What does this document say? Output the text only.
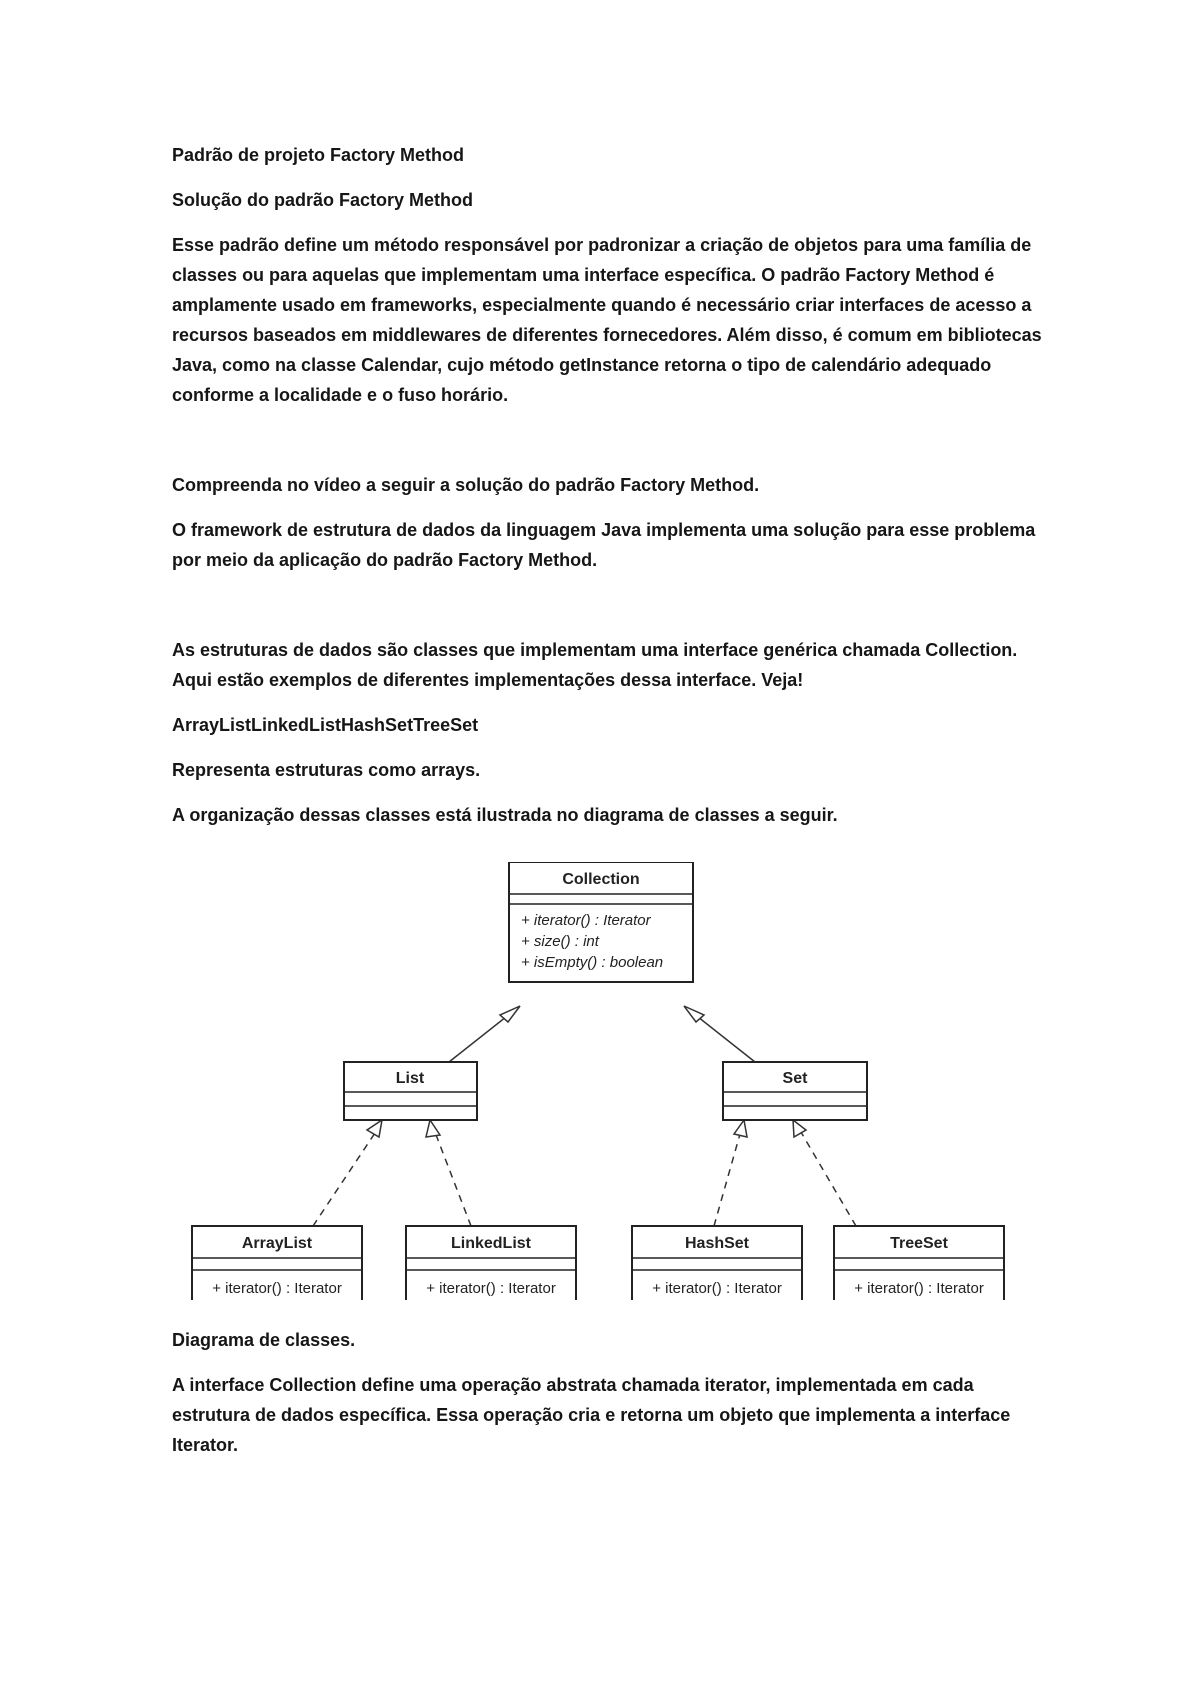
Padrão de projeto Factory Method

Solução do padrão Factory Method

Esse padrão define um método responsável por padronizar a criação de objetos para uma família de classes ou para aquelas que implementam uma interface específica. O padrão Factory Method é amplamente usado em frameworks, especialmente quando é necessário criar interfaces de acesso a recursos baseados em middlewares de diferentes fornecedores. Além disso, é comum em bibliotecas Java, como na classe Calendar, cujo método getInstance retorna o tipo de calendário adequado conforme a localidade e o fuso horário.

Compreenda no vídeo a seguir a solução do padrão Factory Method.

O framework de estrutura de dados da linguagem Java implementa uma solução para esse problema por meio da aplicação do padrão Factory Method.

As estruturas de dados são classes que implementam uma interface genérica chamada Collection. Aqui estão exemplos de diferentes implementações dessa interface. Veja!

ArrayListLinkedListHashSetTreeSet

Representa estruturas como arrays.

A organização dessas classes está ilustrada no diagrama de classes a seguir.

Collection
+ iterator() : Iterator
+ size() : int
+ isEmpty() : boolean
List	Set
ArrayList
+ iterator() : Iterator
LinkedList
+ iterator() : Iterator
HashSet
+ iterator() : Iterator
TreeSet
+ iterator() : Iterator

Diagrama de classes.

A interface Collection define uma operação abstrata chamada iterator, implementada em cada estrutura de dados específica. Essa operação cria e retorna um objeto que implementa a interface Iterator.
